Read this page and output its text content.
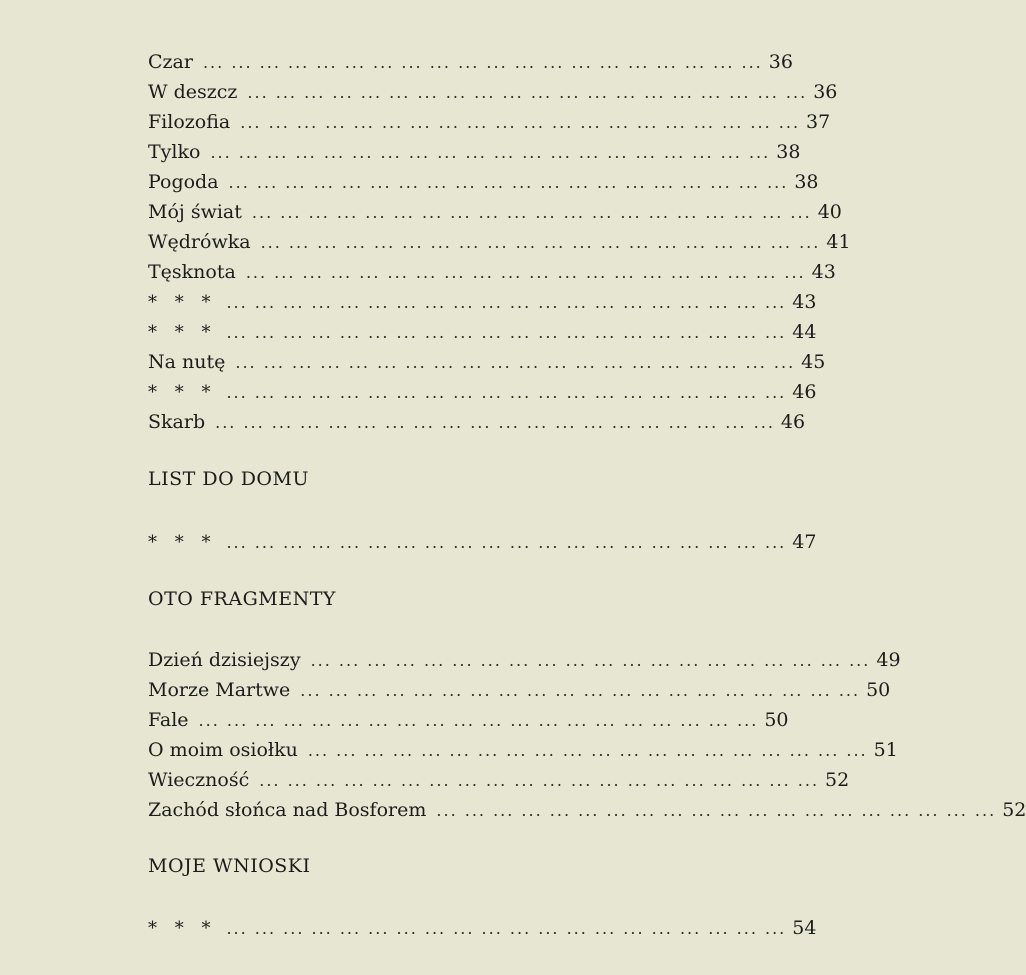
Czar ... ... ... ... ... ... ... ... ... ... ... ... ... ... ... ... ... ... ... ... 36
W deszcz ... ... ... ... ... ... ... ... ... ... ... ... ... ... ... ... ... ... ... ... 36
Filozofia ... ... ... ... ... ... ... ... ... ... ... ... ... ... ... ... ... ... ... ... 37
Tylko ... ... ... ... ... ... ... ... ... ... ... ... ... ... ... ... ... ... ... ... 38
Pogoda ... ... ... ... ... ... ... ... ... ... ... ... ... ... ... ... ... ... ... ... 38
Mój świat ... ... ... ... ... ... ... ... ... ... ... ... ... ... ... ... ... ... ... ... 40
Wędrówka ... ... ... ... ... ... ... ... ... ... ... ... ... ... ... ... ... ... ... ... 41
Tęsknota ... ... ... ... ... ... ... ... ... ... ... ... ... ... ... ... ... ... ... ... 43
* * * ... ... ... ... ... ... ... ... ... ... ... ... ... ... ... ... ... ... ... ... 43
* * * ... ... ... ... ... ... ... ... ... ... ... ... ... ... ... ... ... ... ... ... 44
Na nutę ... ... ... ... ... ... ... ... ... ... ... ... ... ... ... ... ... ... ... ... 45
* * * ... ... ... ... ... ... ... ... ... ... ... ... ... ... ... ... ... ... ... ... 46
Skarb ... ... ... ... ... ... ... ... ... ... ... ... ... ... ... ... ... ... ... ... 46
LIST DO DOMU
* * * ... ... ... ... ... ... ... ... ... ... ... ... ... ... ... ... ... ... ... ... 47
OTO FRAGMENTY
Dzień dzisiejszy ... ... ... ... ... ... ... ... ... ... ... ... ... ... ... ... ... ... ... ... 49
Morze Martwe ... ... ... ... ... ... ... ... ... ... ... ... ... ... ... ... ... ... ... ... 50
Fale ... ... ... ... ... ... ... ... ... ... ... ... ... ... ... ... ... ... ... ... 50
O moim osiołku ... ... ... ... ... ... ... ... ... ... ... ... ... ... ... ... ... ... ... ... 51
Wieczność ... ... ... ... ... ... ... ... ... ... ... ... ... ... ... ... ... ... ... ... 52
Zachód słońca nad Bosforem ... ... ... ... ... ... ... ... ... ... ... ... ... ... ... ... ... ... ... ... 52
MOJE WNIOSKI
* * * ... ... ... ... ... ... ... ... ... ... ... ... ... ... ... ... ... ... ... ... 54
